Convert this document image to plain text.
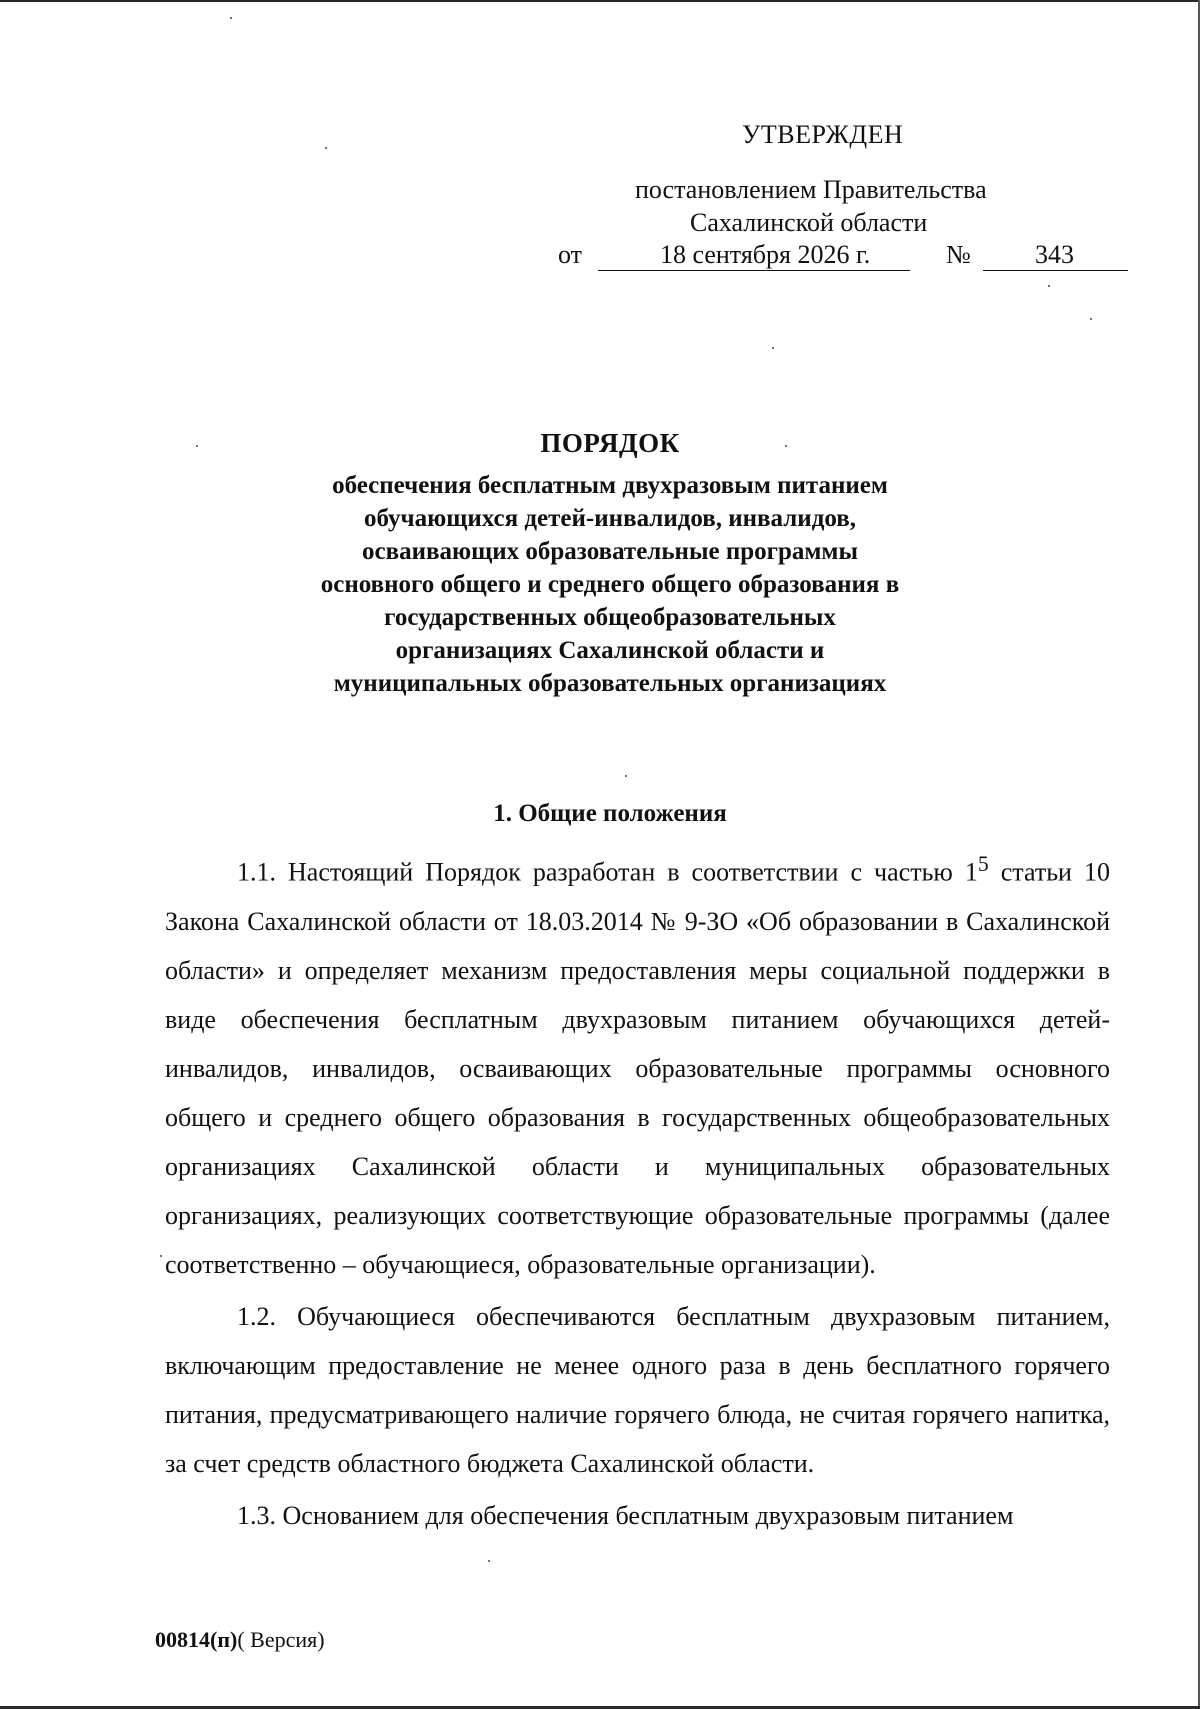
УТВЕРЖДЕН
постановлением Правительства
Сахалинской области
от	18 сентября 2026 г.	№ 343
ПОРЯДОК
обеспечения бесплатным двухразовым питанием
обучающихся детей-инвалидов, инвалидов,
осваивающих образовательные программы
основного общего и среднего общего образования в
государственных общеобразовательных
организациях Сахалинской области и
муниципальных образовательных организациях
1. Общие положения

1.1. Настоящий Порядок разработан в соответствии с частью $1^5$ статьи 10 Закона Сахалинской области от 18.03.2014 № 9-ЗО «Об образовании в Сахалинской области» и определяет механизм предоставления меры социальной поддержки в виде обеспечения бесплатным двухразовым питанием обучающихся детей-инвалидов, инвалидов, осваивающих образовательные программы основного общего и среднего общего образования в государственных общеобразовательных организациях Сахалинской области и муниципальных образовательных организациях, реализующих соответствующие образовательные программы (далее соответственно – обучающиеся, образовательные организации).

1.2. Обучающиеся обеспечиваются бесплатным двухразовым питанием, включающим предоставление не менее одного раза в день бесплатного горячего питания, предусматривающего наличие горячего блюда, не считая горячего напитка, за счет средств областного бюджета Сахалинской области.

1.3. Основанием для обеспечения бесплатным двухразовым питанием

00814(п)( Версия)
